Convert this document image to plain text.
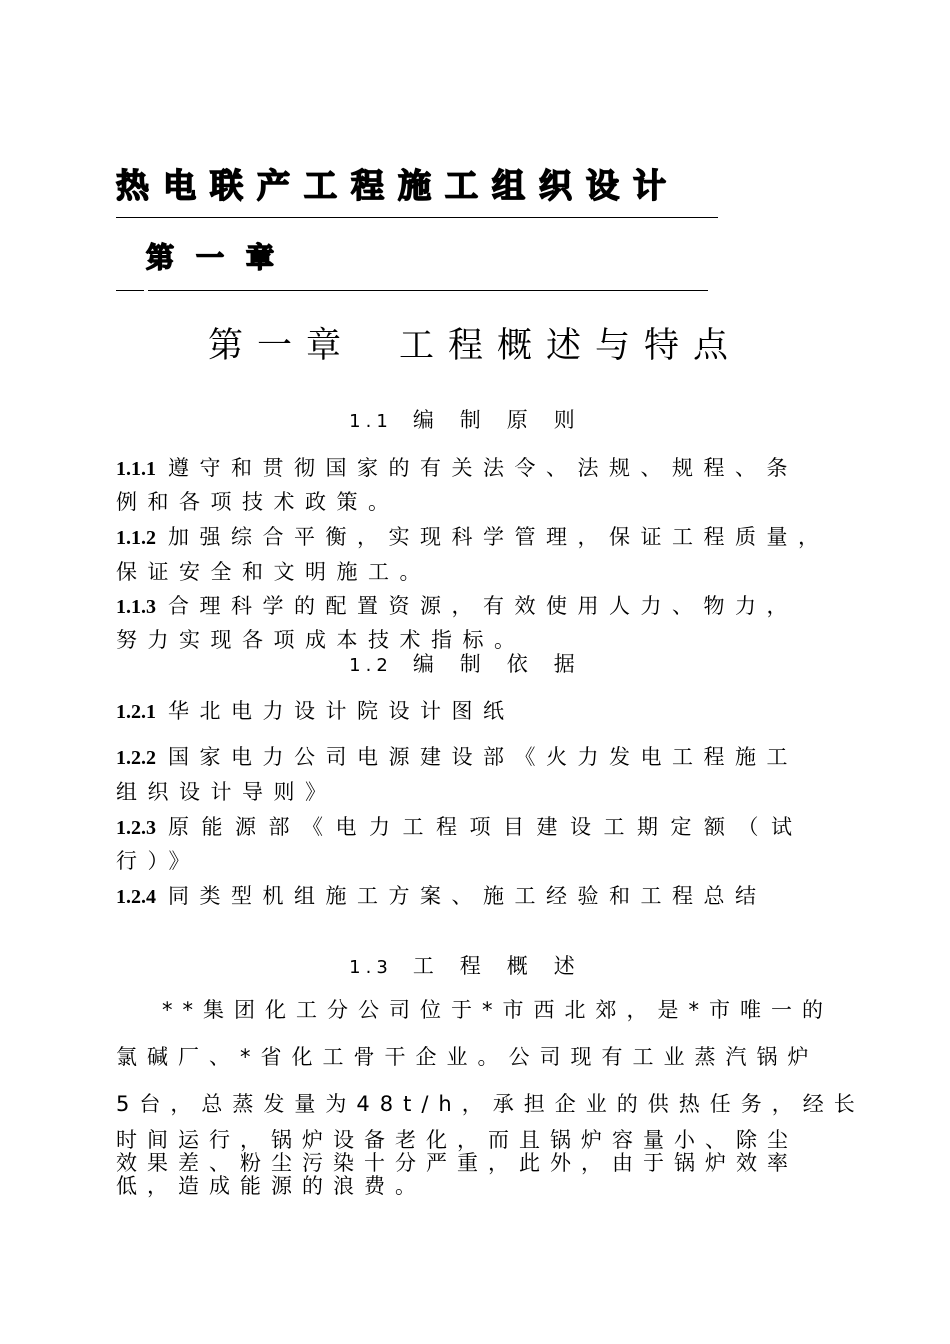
热电联产工程施工组织设计
第一章
第一章 工程概述与特点
1.1 编制原则
1.1.1 遵守和贯彻国家的有关法令、法规、规程、条
例和各项技术政策。
1.1.2 加强综合平衡，实现科学管理，保证工程质量，
保证安全和文明施工。
1.1.3 合理科学的配置资源，有效使用人力、物力，
努力实现各项成本技术指标。
1.2 编制依据
1.2.1 华北电力设计院设计图纸
1.2.2 国家电力公司电源建设部《火力发电工程施工
组织设计导则》
1.2.3 原能源部《电力工程项目建设工期定额（试
行）》
1.2.4 同类型机组施工方案、施工经验和工程总结
1.3 工程概述
**集团化工分公司位于*市西北郊，是*市唯一的
氯碱厂、*省化工骨干企业。公司现有工业蒸汽锅炉
5台，总蒸发量为48t/h，承担企业的供热任务，经长
时间运行，锅炉设备老化，而且锅炉容量小、除尘
效果差、粉尘污染十分严重，此外，由于锅炉效率
低，造成能源的浪费。
